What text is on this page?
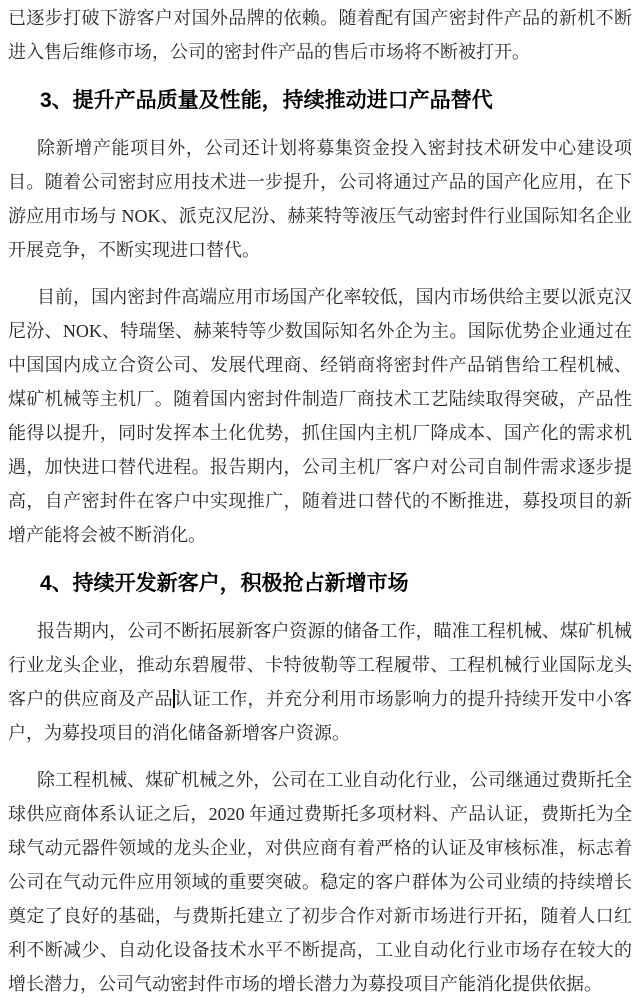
已逐步打破下游客户对国外品牌的依赖。随着配有国产密封件产品的新机不断进入售后维修市场，公司的密封件产品的售后市场将不断被打开。

3、提升产品质量及性能，持续推动进口产品替代

除新增产能项目外，公司还计划将募集资金投入密封技术研发中心建设项目。随着公司密封应用技术进一步提升，公司将通过产品的国产化应用，在下游应用市场与 NOK、派克汉尼汾、赫莱特等液压气动密封件行业国际知名企业开展竞争，不断实现进口替代。

目前，国内密封件高端应用市场国产化率较低，国内市场供给主要以派克汉尼汾、NOK、特瑞堡、赫莱特等少数国际知名外企为主。国际优势企业通过在中国国内成立合资公司、发展代理商、经销商将密封件产品销售给工程机械、煤矿机械等主机厂。随着国内密封件制造厂商技术工艺陆续取得突破，产品性能得以提升，同时发挥本土化优势，抓住国内主机厂降成本、国产化的需求机遇，加快进口替代进程。报告期内，公司主机厂客户对公司自制件需求逐步提高，自产密封件在客户中实现推广，随着进口替代的不断推进，募投项目的新增产能将会被不断消化。

4、持续开发新客户，积极抢占新增市场

报告期内，公司不断拓展新客户资源的储备工作，瞄准工程机械、煤矿机械行业龙头企业，推动东碧履带、卡特彼勒等工程履带、工程机械行业国际龙头客户的供应商及产品认证工作，并充分利用市场影响力的提升持续开发中小客户，为募投项目的消化储备新增客户资源。

除工程机械、煤矿机械之外，公司在工业自动化行业，公司继通过费斯托全球供应商体系认证之后，2020 年通过费斯托多项材料、产品认证，费斯托为全球气动元器件领域的龙头企业，对供应商有着严格的认证及审核标准，标志着公司在气动元件应用领域的重要突破。稳定的客户群体为公司业绩的持续增长奠定了良好的基础，与费斯托建立了初步合作对新市场进行开拓，随着人口红利不断减少、自动化设备技术水平不断提高，工业自动化行业市场存在较大的增长潜力，公司气动密封件市场的增长潜力为募投项目产能消化提供依据。
